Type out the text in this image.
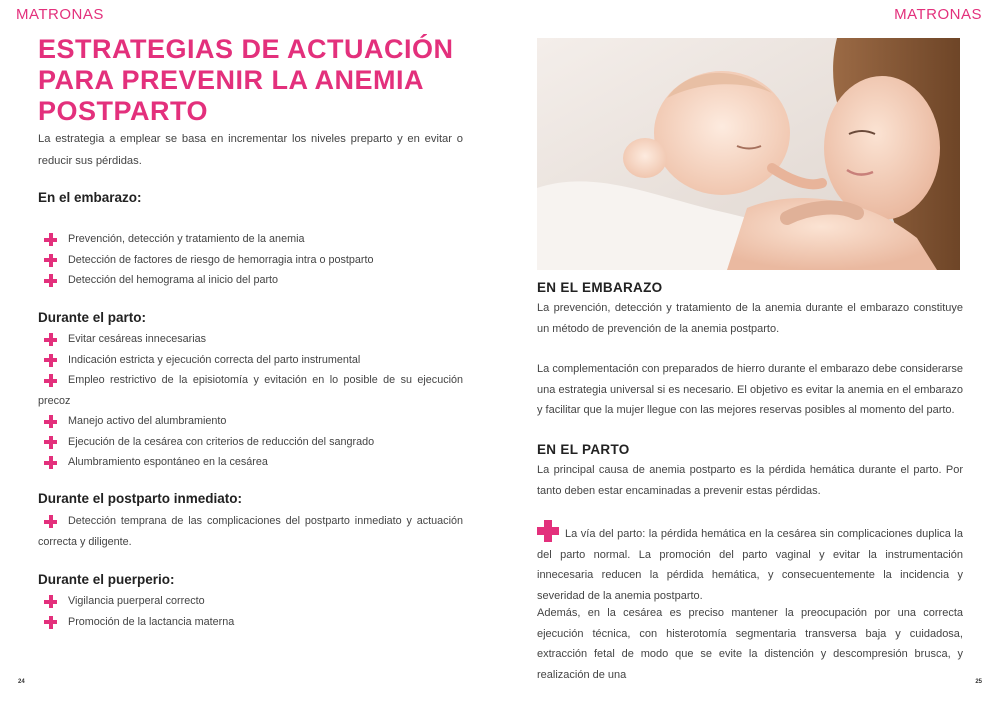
MATRONAS
ESTRATEGIAS DE ACTUACIÓN PARA PREVENIR LA ANEMIA POSTPARTO

La estrategia a emplear se basa en incrementar los niveles preparto y en evitar o reducir sus pérdidas.

En el embarazo:
Prevención, detección y tratamiento de la anemia
Detección de factores de riesgo de hemorragia intra o postparto
Detección del hemograma al inicio del parto
Durante el parto:
Evitar cesáreas innecesarias
Indicación estricta y ejecución correcta del parto instrumental
Empleo restrictivo de la episiotomía y evitación en lo posible de su ejecución precoz
Manejo activo del alumbramiento
Ejecución de la cesárea con criterios de reducción del sangrado
Alumbramiento espontáneo en la cesárea
Durante el postparto inmediato:
Detección temprana de las complicaciones del postparto inmediato y actuación correcta y diligente.
Durante el puerperio:
Vigilancia puerperal correcto
Promoción de la lactancia materna
24
MATRONAS
EN EL EMBARAZO

La prevención, detección y tratamiento de la anemia durante el embarazo constituye un método de prevención de la anemia postparto.

La complementación con preparados de hierro durante el embarazo debe considerarse una estrategia universal si es necesario. El objetivo es evitar la anemia en el embarazo y facilitar que la mujer llegue con las mejores reservas posibles al momento del parto.

EN EL PARTO

La principal causa de anemia postparto es la pérdida hemática durante el parto. Por tanto deben estar encaminadas a prevenir estas pérdidas.

La vía del parto: la pérdida hemática en la cesárea sin complicaciones duplica la del parto normal. La promoción del parto vaginal y evitar la instrumentación innecesaria reducen la pérdida hemática, y consecuentemente la incidencia y severidad de la anemia postparto.

Además, en la cesárea es preciso mantener la preocupación por una correcta ejecución técnica, con histerotomía segmentaria transversa baja y cuidadosa, extracción fetal de modo que se evite la distención y descompresión brusca, y realización de una

25
